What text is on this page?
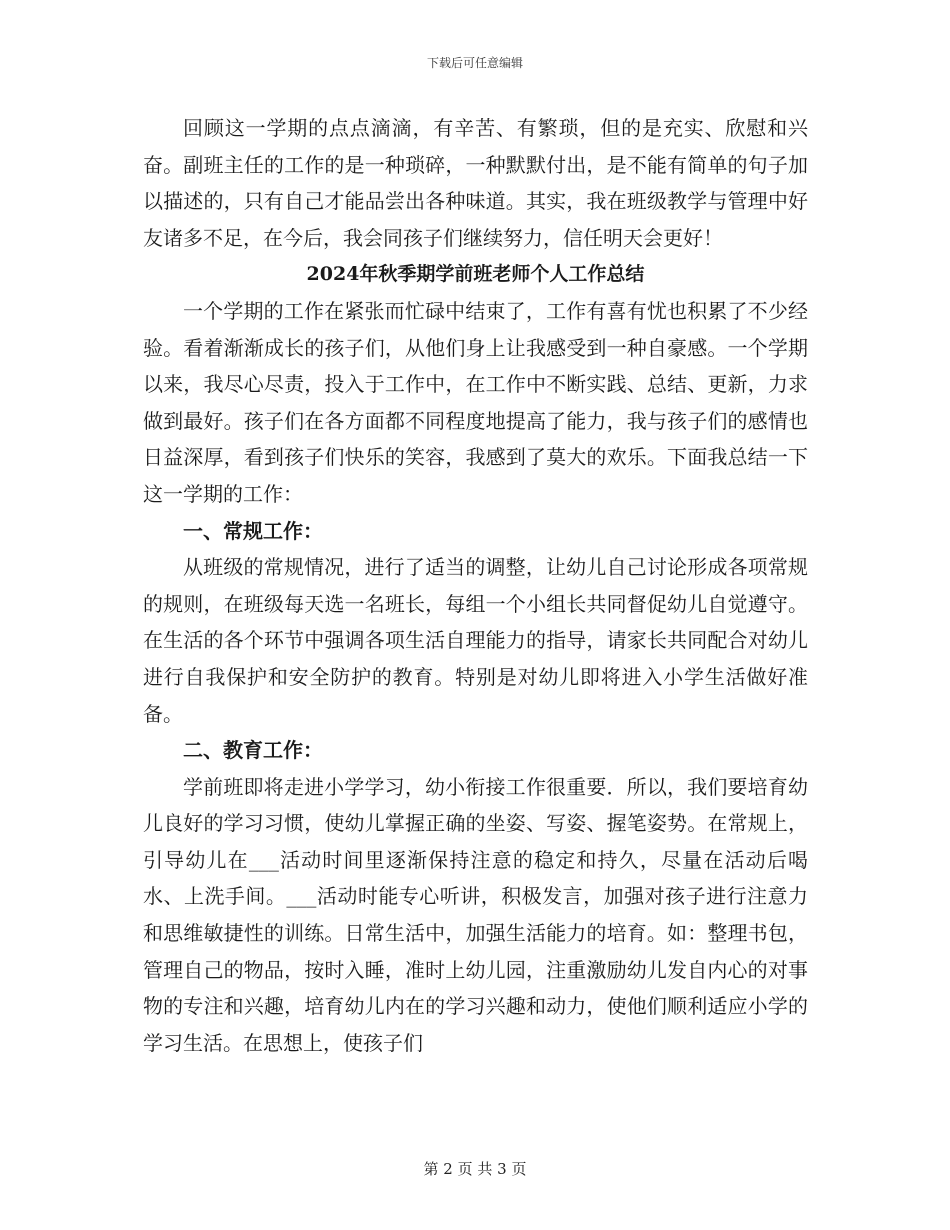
下载后可任意编辑

回顾这一学期的点点滴滴，有辛苦、有繁琐，但的是充实、欣慰和兴奋。副班主任的工作的是一种琐碎，一种默默付出，是不能有简单的句子加以描述的，只有自己才能品尝出各种味道。其实，我在班级教学与管理中好友诸多不足，在今后，我会同孩子们继续努力，信任明天会更好！

2024年秋季期学前班老师个人工作总结

一个学期的工作在紧张而忙碌中结束了，工作有喜有忧也积累了不少经验。看着渐渐成长的孩子们，从他们身上让我感受到一种自豪感。一个学期以来，我尽心尽责，投入于工作中，在工作中不断实践、总结、更新，力求做到最好。孩子们在各方面都不同程度地提高了能力，我与孩子们的感情也日益深厚，看到孩子们快乐的笑容，我感到了莫大的欢乐。下面我总结一下这一学期的工作：

一、常规工作：

从班级的常规情况，进行了适当的调整，让幼儿自己讨论形成各项常规的规则，在班级每天选一名班长，每组一个小组长共同督促幼儿自觉遵守。在生活的各个环节中强调各项生活自理能力的指导，请家长共同配合对幼儿进行自我保护和安全防护的教育。特别是对幼儿即将进入小学生活做好准备。

二、教育工作：

学前班即将走进小学学习，幼小衔接工作很重要．所以，我们要培育幼儿良好的学习习惯，使幼儿掌握正确的坐姿、写姿、握笔姿势。在常规上，引导幼儿在___活动时间里逐渐保持注意的稳定和持久，尽量在活动后喝水、上洗手间。___活动时能专心听讲，积极发言，加强对孩子进行注意力和思维敏捷性的训练。日常生活中，加强生活能力的培育。如：整理书包，管理自己的物品，按时入睡，准时上幼儿园，注重激励幼儿发自内心的对事物的专注和兴趣，培育幼儿内在的学习兴趣和动力，使他们顺利适应小学的学习生活。在思想上，使孩子们

第 2 页 共 3 页
